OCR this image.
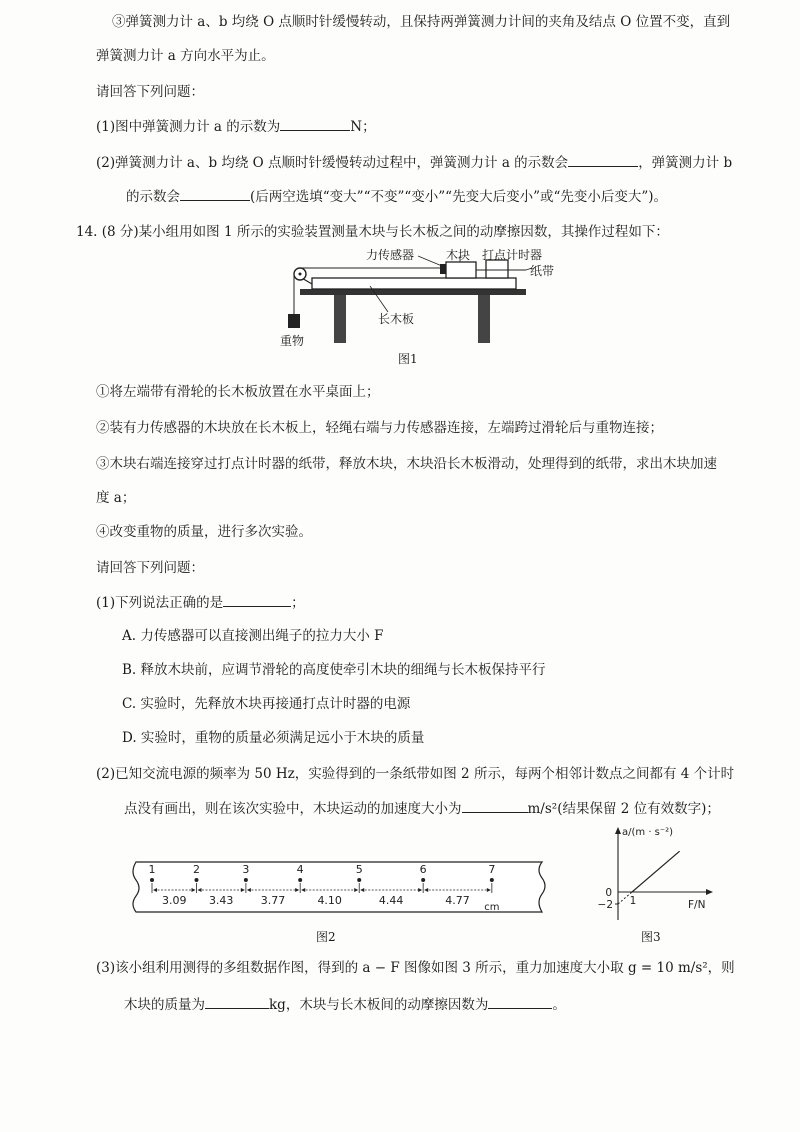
③弹簧测力计 a、b 均绕 O 点顺时针缓慢转动，且保持两弹簧测力计间的夹角及结点 O 位置不变，直到
弹簧测力计 a 方向水平为止。
请回答下列问题：
(1)图中弹簧测力计 a 的示数为	N；
(2)弹簧测力计 a、b 均绕 O 点顺时针缓慢转动过程中，弹簧测力计 a 的示数会	，弹簧测力计 b
的示数会	(后两空选填“变大”“不变”“变小”“先变大后变小”或“先变小后变大”)。
14. (8 分)某小组用如图 1 所示的实验装置测量木块与长木板之间的动摩擦因数，其操作过程如下：
力传感器	木块 打点计时器
纸带
长木板
重物
图1
①将左端带有滑轮的长木板放置在水平桌面上；
②装有力传感器的木块放在长木板上，轻绳右端与力传感器连接，左端跨过滑轮后与重物连接；
③木块右端连接穿过打点计时器的纸带，释放木块，木块沿长木板滑动，处理得到的纸带，求出木块加速
度 a；
④改变重物的质量，进行多次实验。
请回答下列问题：
(1)下列说法正确的是	；
A. 力传感器可以直接测出绳子的拉力大小 F
B. 释放木块前，应调节滑轮的高度使牵引木块的细绳与长木板保持平行
C. 实验时，先释放木块再接通打点计时器的电源
D. 实验时，重物的质量必须满足远小于木块的质量
(2)已知交流电源的频率为 50 Hz，实验得到的一条纸带如图 2 所示，每两个相邻计数点之间都有 4 个计时
点没有画出，则在该次实验中，木块运动的加速度大小为	m/s²(结果保留 2 位有效数字)；
1	2	3	4	5	6	7
3.09 3.43 3.77	4.10	4.44	4.77
cm
图2
a/(m · s⁻²)
F/N
0
−2 1
图3
(3)该小组利用测得的多组数据作图，得到的 a − F 图像如图 3 所示，重力加速度大小取 g = 10 m/s²，则
木块的质量为	kg，木块与长木板间的动摩擦因数为	。
